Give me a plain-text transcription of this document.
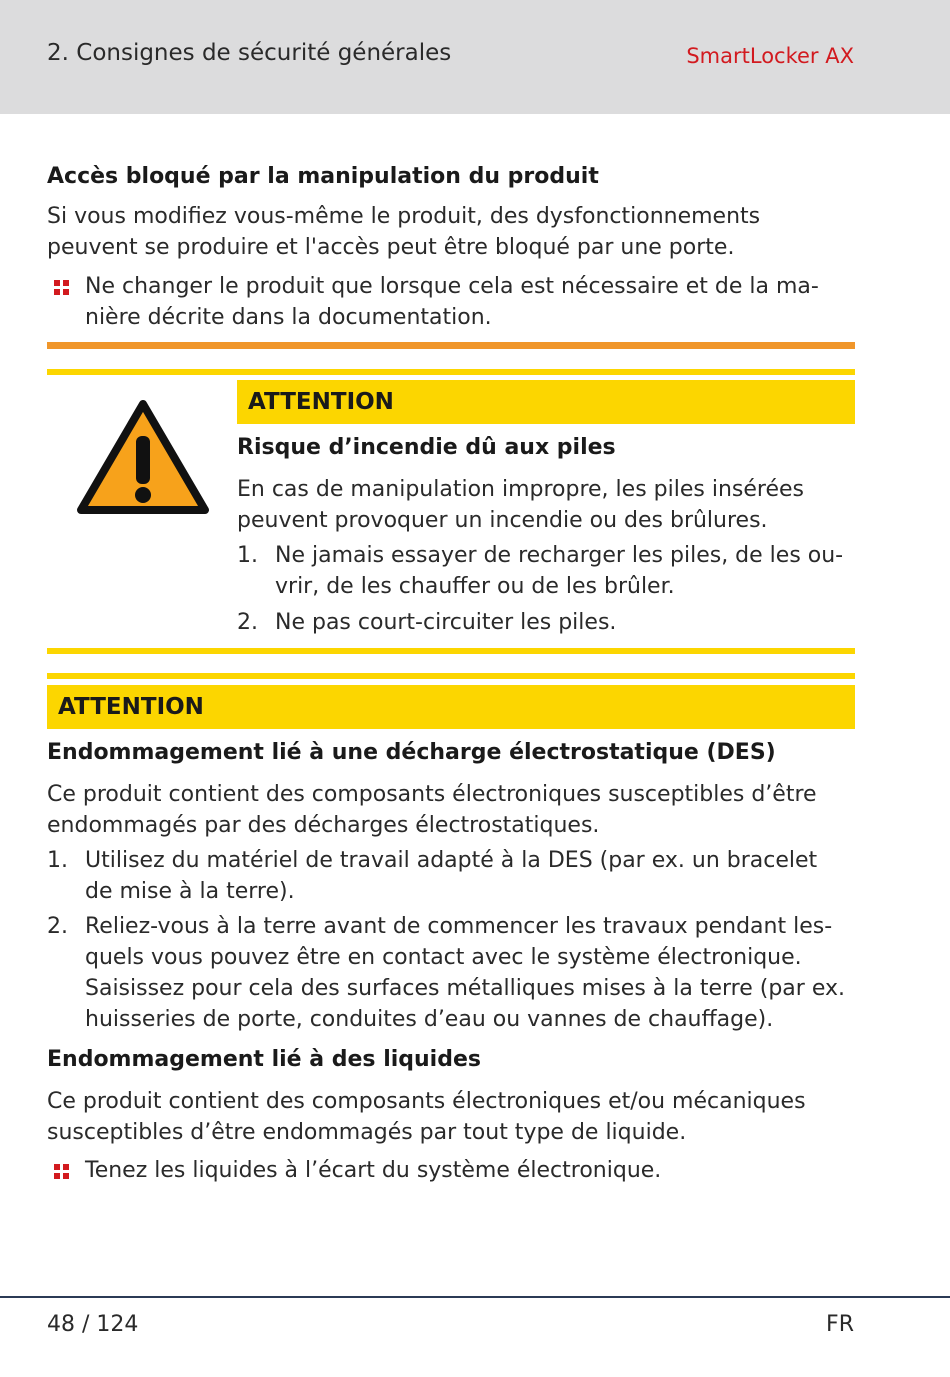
2. Consignes de sécurité générales	SmartLocker AX
Accès bloqué par la manipulation du produit
Si vous modifiez vous-même le produit, des dysfonctionnements
peuvent se produire et l'accès peut être bloqué par une porte.
Ne changer le produit que lorsque cela est nécessaire et de la ma-
nière décrite dans la documentation.
ATTENTION
Risque d’incendie dû aux piles
En cas de manipulation impropre, les piles insérées
peuvent provoquer un incendie ou des brûlures.
1. Ne jamais essayer de recharger les piles, de les ou-
vrir, de les chauffer ou de les brûler.
2. Ne pas court-circuiter les piles.
ATTENTION
Endommagement lié à une décharge électrostatique (DES)
Ce produit contient des composants électroniques susceptibles d’être
endommagés par des décharges électrostatiques.
1. Utilisez du matériel de travail adapté à la DES (par ex. un bracelet
de mise à la terre).
2. Reliez-vous à la terre avant de commencer les travaux pendant les-
quels vous pouvez être en contact avec le système électronique.
Saisissez pour cela des surfaces métalliques mises à la terre (par ex.
huisseries de porte, conduites d’eau ou vannes de chauffage).
Endommagement lié à des liquides
Ce produit contient des composants électroniques et/ou mécaniques
susceptibles d’être endommagés par tout type de liquide.
Tenez les liquides à l’écart du système électronique.
48 / 124	FR
